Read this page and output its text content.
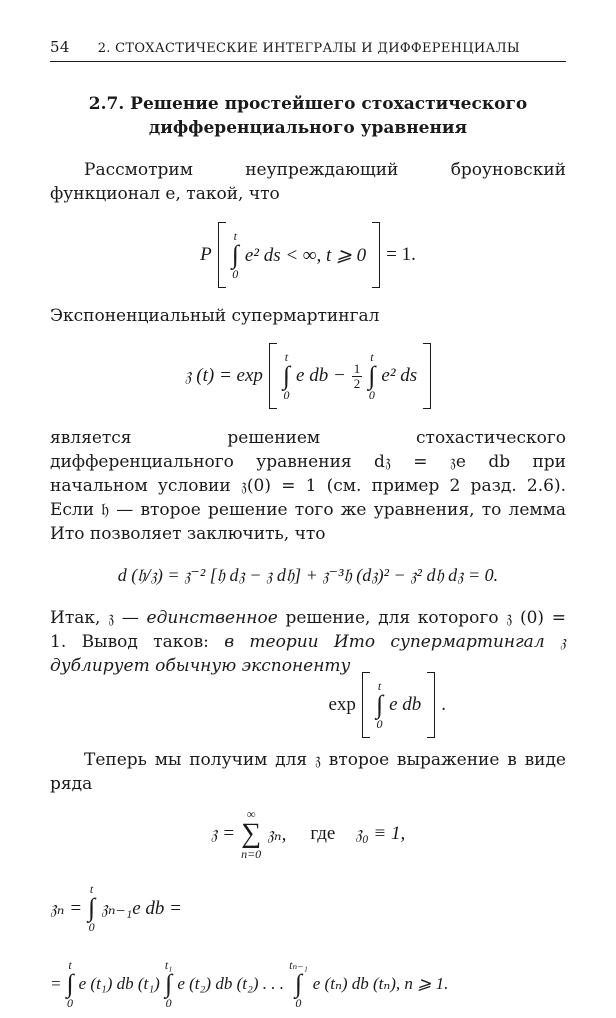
54 2. СТОХАСТИЧЕСКИЕ ИНТЕГРАЛЫ И ДИФФЕРЕНЦИАЛЫ
2.7. Решение простейшего стохастического
дифференциального уравнения

Рассмотрим неупреждающий броуновский функционал e, такой, что

P
t
∫
0
e² ds < ∞, t ⩾ 0 = 1.

Экспоненциальный супермартингал

𝔷 (t) = exp
t
∫
0
e db − $\frac{1}{2}$
t
∫
0
e² ds

является решением стохастического дифференциального уравнения d𝔷 = 𝔷e db при начальном условии 𝔷(0) = 1 (см. пример 2 разд. 2.6). Если 𝔥 — второе решение того же уравнения, то лемма Ито позволяет заключить, что

d (𝔥/𝔷) = 𝔷⁻² [𝔥 d𝔷 − 𝔷 d𝔥] + 𝔷⁻³𝔥 (d𝔷)² − 𝔷² d𝔥 d𝔷 = 0.

Итак, 𝔷 — единственное решение, для которого 𝔷 (0) = 1. Вывод таков: в теории Ито супермартингал 𝔷 дублирует обычную экспоненту

exp
t
∫
0
e db .

Теперь мы получим для 𝔷 второе выражение в виде ряда

𝔷 =
∞
∑
n=0
𝔷ₙ, где 𝔷₀ ≡ 1,
𝔷ₙ =
t
∫
0
𝔷ₙ₋₁e db =
=
t
∫
0
e (t₁) db (t₁)
t₁
∫
0
e (t₂) db (t₂) . . .
tₙ₋₁
∫
0
e (tₙ) db (tₙ), n ⩾ 1.
